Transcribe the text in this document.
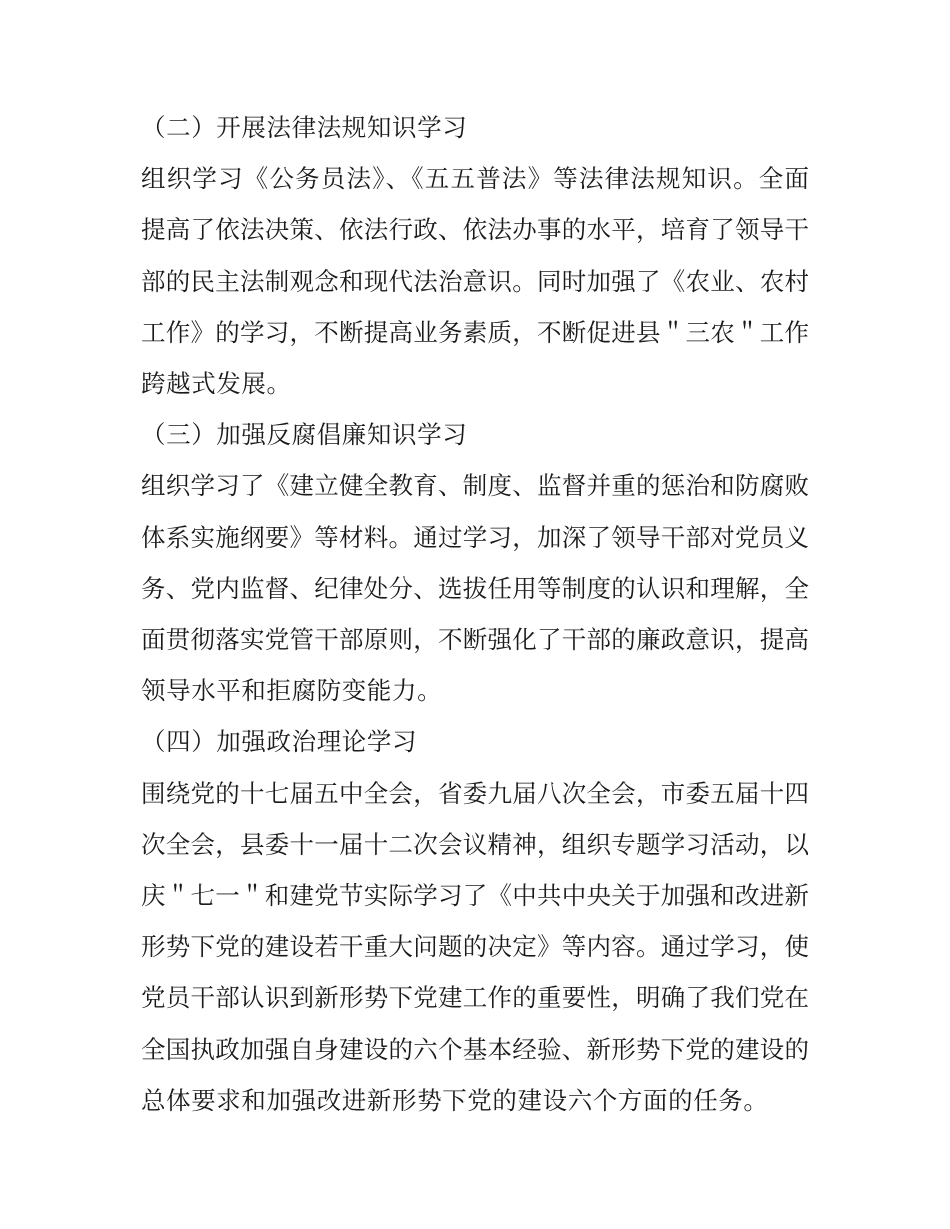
（二）开展法律法规知识学习
组织学习《公务员法》、《五五普法》等法律法规知识。全面
提高了依法决策、依法行政、依法办事的水平，培育了领导干
部的民主法制观念和现代法治意识。同时加强了《农业、农村
工作》的学习，不断提高业务素质，不断促进县＂三农＂工作
跨越式发展。
（三）加强反腐倡廉知识学习
组织学习了《建立健全教育、制度、监督并重的惩治和防腐败
体系实施纲要》等材料。通过学习，加深了领导干部对党员义
务、党内监督、纪律处分、选拔任用等制度的认识和理解，全
面贯彻落实党管干部原则，不断强化了干部的廉政意识，提高
领导水平和拒腐防变能力。
（四）加强政治理论学习
围绕党的十七届五中全会，省委九届八次全会，市委五届十四
次全会，县委十一届十二次会议精神，组织专题学习活动，以
庆＂七一＂和建党节实际学习了《中共中央关于加强和改进新
形势下党的建设若干重大问题的决定》等内容。通过学习，使
党员干部认识到新形势下党建工作的重要性，明确了我们党在
全国执政加强自身建设的六个基本经验、新形势下党的建设的
总体要求和加强改进新形势下党的建设六个方面的任务。
